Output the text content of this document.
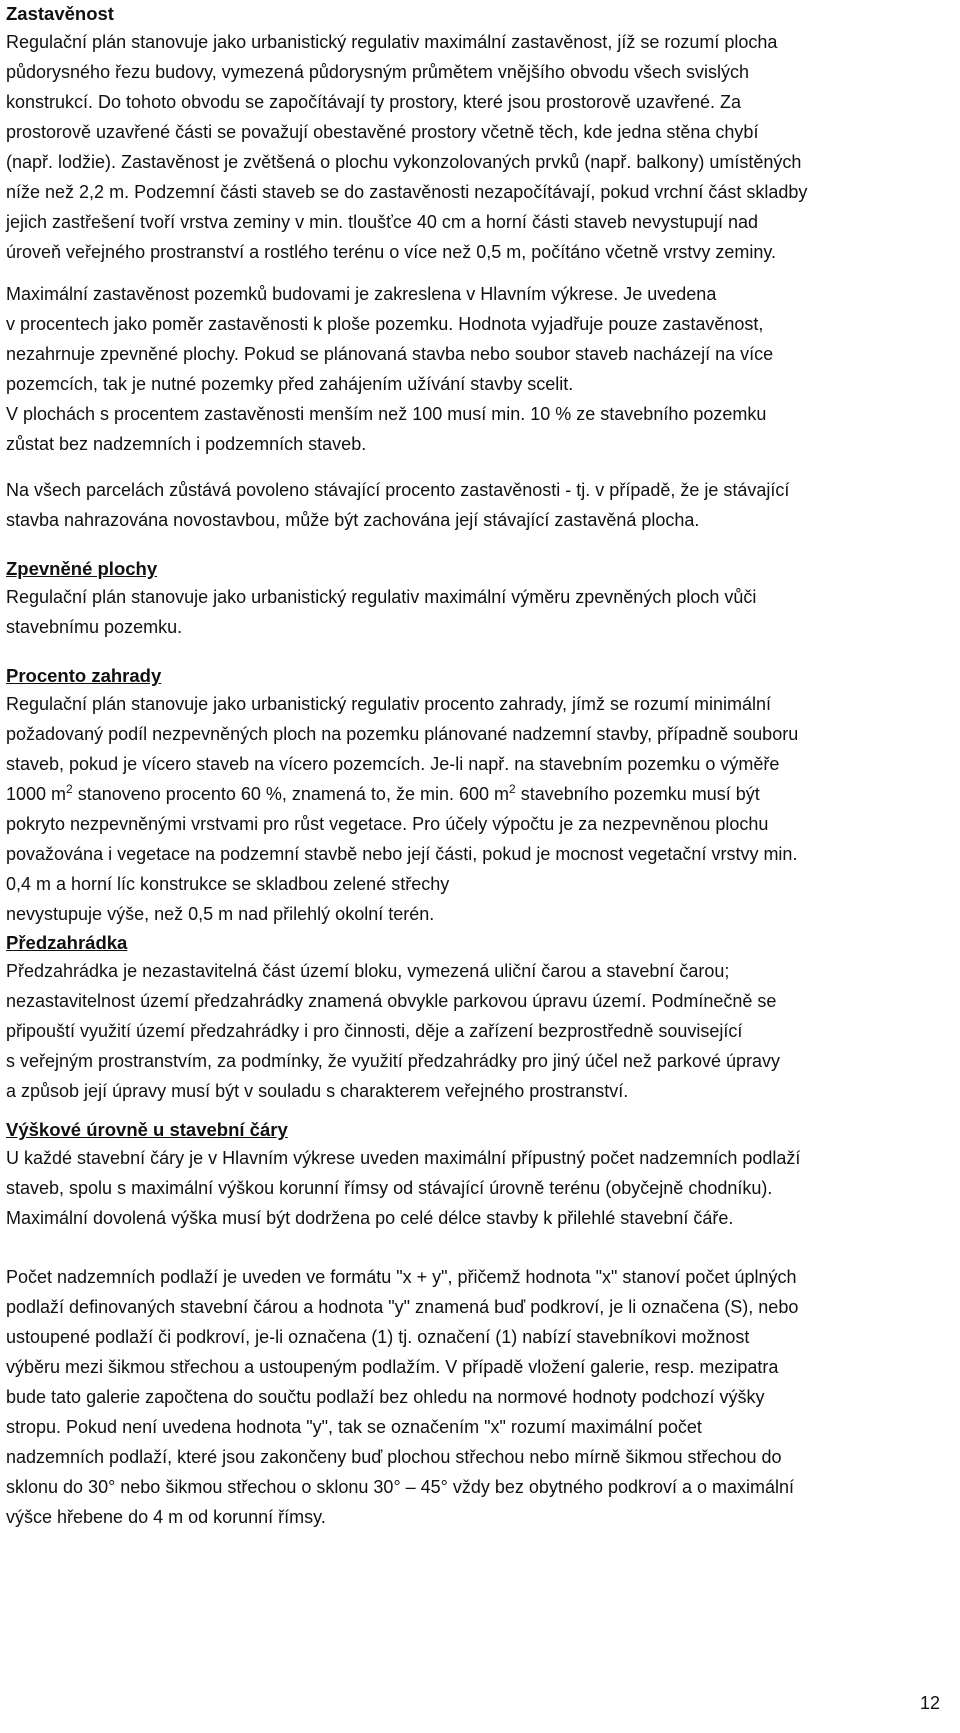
Zastavěnost
Regulační plán stanovuje jako urbanistický regulativ maximální zastavěnost, jíž se rozumí plocha
půdorysného řezu budovy, vymezená půdorysným průmětem vnějšího obvodu všech svislých
konstrukcí. Do tohoto obvodu se započítávají ty prostory, které jsou prostorově uzavřené. Za
prostorově uzavřené části se považují obestavěné prostory včetně těch, kde jedna stěna chybí
(např. lodžie). Zastavěnost je zvětšená o plochu vykonzolovaných prvků (např. balkony) umístěných
níže než 2,2 m. Podzemní části staveb se do zastavěnosti nezapočítávají, pokud vrchní část skladby
jejich zastřešení tvoří vrstva zeminy v min. tloušťce 40 cm a horní části staveb nevystupují nad
úroveň veřejného prostranství a rostlého terénu o více než 0,5 m, počítáno včetně vrstvy zeminy.
Maximální zastavěnost pozemků budovami je zakreslena v Hlavním výkrese. Je uvedena
v procentech jako poměr zastavěnosti k ploše pozemku. Hodnota vyjadřuje pouze zastavěnost,
nezahrnuje zpevněné plochy. Pokud se plánovaná stavba nebo soubor staveb nacházejí na více
pozemcích, tak je nutné pozemky před zahájením užívání stavby scelit.
V plochách s procentem zastavěnosti menším než 100 musí min. 10 % ze stavebního pozemku
zůstat bez nadzemních i podzemních staveb.
Na všech parcelách zůstává povoleno stávající procento zastavěnosti - tj. v případě, že je stávající
stavba nahrazována novostavbou, může být zachována její stávající zastavěná plocha.
Zpevněné plochy
Regulační plán stanovuje jako urbanistický regulativ maximální výměru zpevněných ploch vůči
stavebnímu pozemku.
Procento zahrady
Regulační plán stanovuje jako urbanistický regulativ procento zahrady, jímž se rozumí minimální
požadovaný podíl nezpevněných ploch na pozemku plánované nadzemní stavby, případně souboru
staveb, pokud je vícero staveb na vícero pozemcích. Je-li např. na stavebním pozemku o výměře
1000 $m^2$ stanoveno procento 60 %, znamená to, že min. 600 $m^2$ stavebního pozemku musí být
pokryto nezpevněnými vrstvami pro růst vegetace. Pro účely výpočtu je za nezpevněnou plochu
považována i vegetace na podzemní stavbě nebo její části, pokud je mocnost vegetační vrstvy min.
0,4 m a horní líc konstrukce se skladbou zelené střechy
nevystupuje výše, než 0,5 m nad přilehlý okolní terén.
Předzahrádka
Předzahrádka je nezastavitelná část území bloku, vymezená uliční čarou a stavební čarou;
nezastavitelnost území předzahrádky znamená obvykle parkovou úpravu území. Podmínečně se
připouští využití území předzahrádky i pro činnosti, děje a zařízení bezprostředně související
s veřejným prostranstvím, za podmínky, že využití předzahrádky pro jiný účel než parkové úpravy
a způsob její úpravy musí být v souladu s charakterem veřejného prostranství.
Výškové úrovně u stavební čáry
U každé stavební čáry je v Hlavním výkrese uveden maximální přípustný počet nadzemních podlaží
staveb, spolu s maximální výškou korunní římsy od stávající úrovně terénu (obyčejně chodníku).
Maximální dovolená výška musí být dodržena po celé délce stavby k přilehlé stavební čáře.
Počet nadzemních podlaží je uveden ve formátu "x + y", přičemž hodnota "x" stanoví počet úplných
podlaží definovaných stavební čárou a hodnota "y" znamená buď podkroví, je li označena (S), nebo
ustoupené podlaží či podkroví, je-li označena (1) tj. označení (1) nabízí stavebníkovi možnost
výběru mezi šikmou střechou a ustoupeným podlažím. V případě vložení galerie, resp. mezipatra
bude tato galerie započtena do součtu podlaží bez ohledu na normové hodnoty podchozí výšky
stropu. Pokud není uvedena hodnota "y", tak se označením "x" rozumí maximální počet
nadzemních podlaží, které jsou zakončeny buď plochou střechou nebo mírně šikmou střechou do
sklonu do 30° nebo šikmou střechou o sklonu 30° – 45° vždy bez obytného podkroví a o maximální
výšce hřebene do 4 m od korunní římsy.
12
